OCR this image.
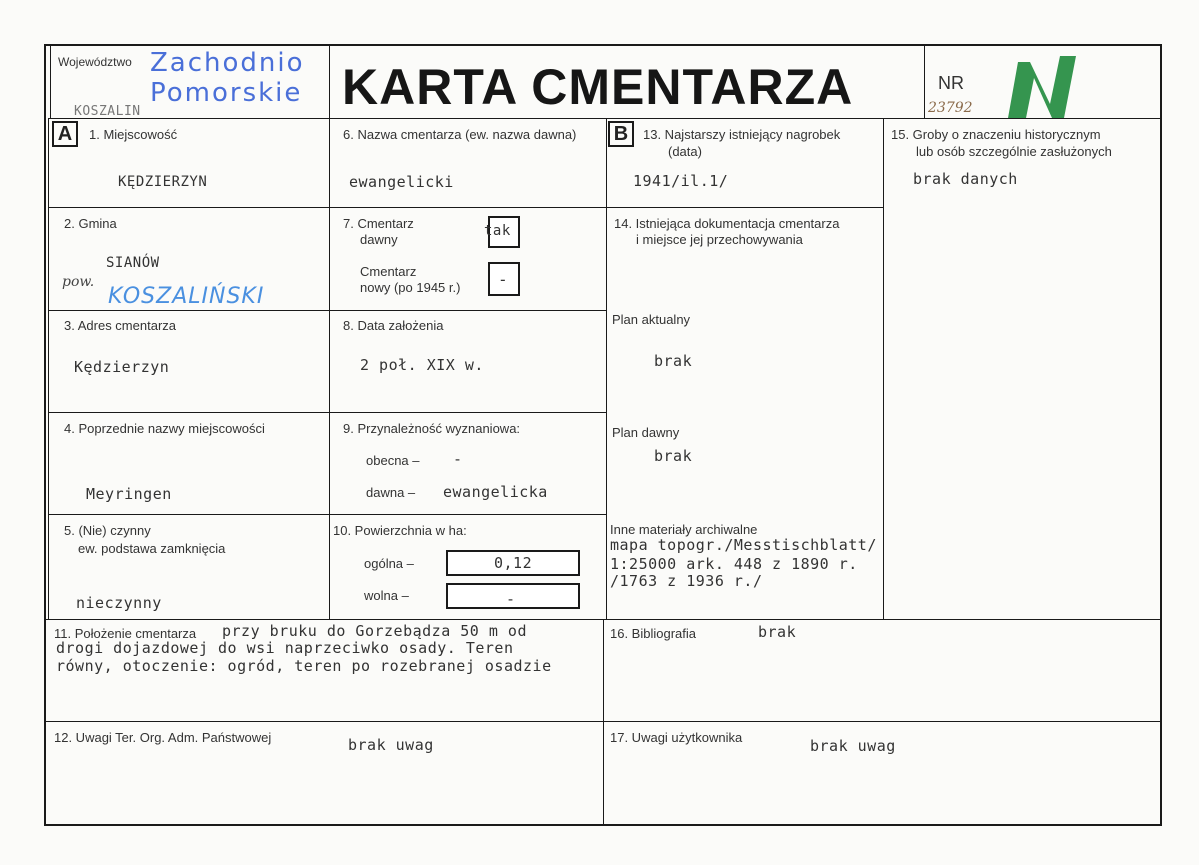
Województwo Zachodnio
Pomorskie
KOSZALIN	KARTA CMENTARZA	NR
23792
A	1. Miejscowość
KĘDZIERZYN
2. Gmina
SIANÓW
pow.
KOSZALIŃSKI
3. Adres cmentarza
Kędzierzyn
4. Poprzednie nazwy miejscowości
Meyringen
5. (Nie) czynny
ew. podstawa zamknięcia
nieczynny
6. Nazwa cmentarza (ew. nazwa dawna)
ewangelicki
7. Cmentarz
dawny
tak
Cmentarz
nowy (po 1945 r.) -
8. Data założenia
2 poł. XIX w.
9. Przynależność wyznaniowa:
obecna – -
dawna – ewangelicka
10. Powierzchnia w ha:
ogólna –	0,12
wolna –	-
B	13. Najstarszy istniejący nagrobek
(data)
1941/il.1/
14. Istniejąca dokumentacja cmentarza
i miejsce jej przechowywania
Plan aktualny
brak
Plan dawny
brak
Inne materiały archiwalne
mapa topogr./Messtischblatt/
1:25000 ark. 448 z 1890 r.
/1763 z 1936 r./
15. Groby o znaczeniu historycznym
lub osób szczególnie zasłużonych
brak danych
11. Położenie cmentarza przy bruku do Gorzebądza 50 m od
drogi dojazdowej do wsi naprzeciwko osady. Teren
równy, otoczenie: ogród, teren po rozebranej osadzie
16. Bibliografia	brak
12. Uwagi Ter. Org. Adm. Państwowej	brak uwag	17. Uwagi użytkownika	brak uwag
